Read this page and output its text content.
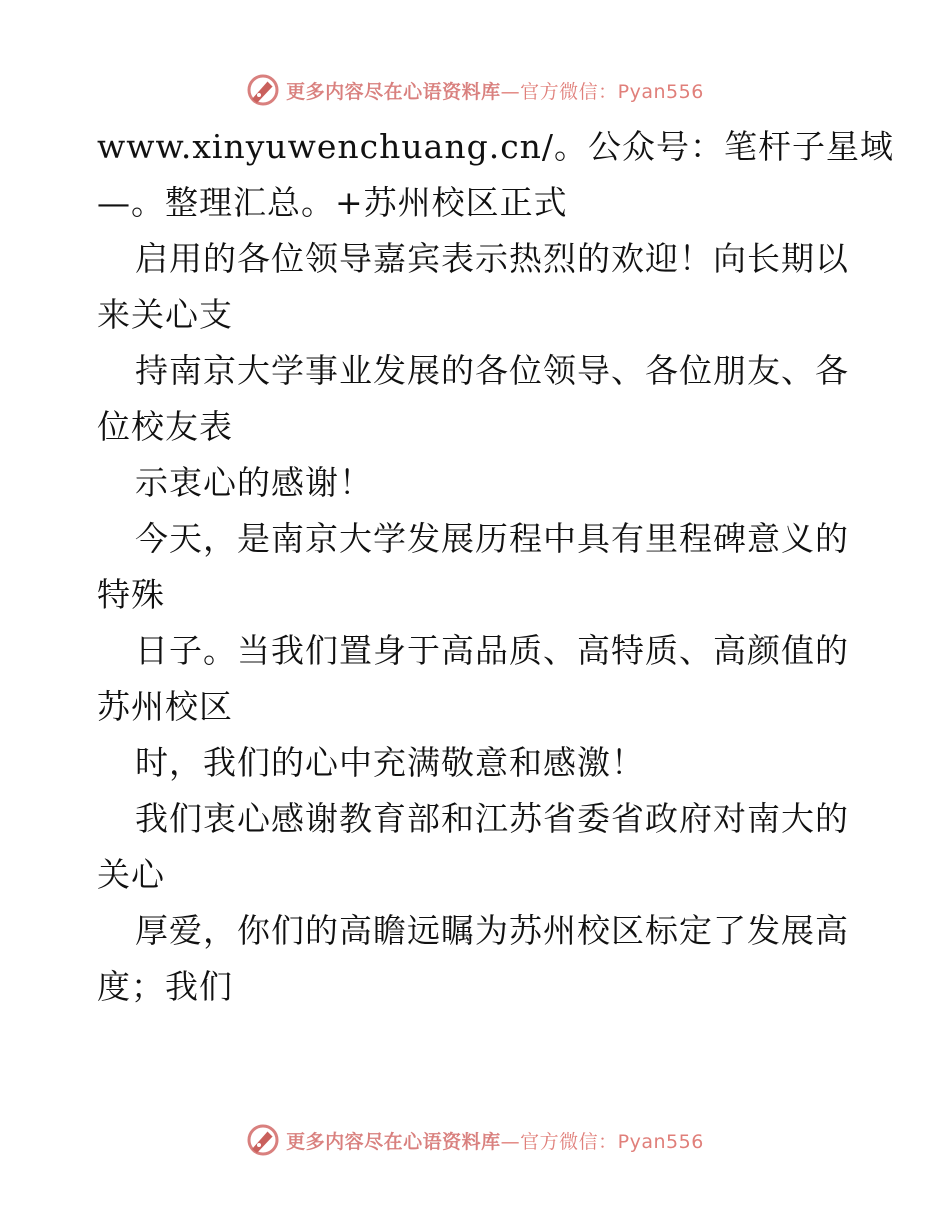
更多内容尽在心语资料库—官方微信：Pyan556
www.xinyuwenchuang.cn/。公众号：笔杆子星域
—。整理汇总。+苏州校区正式
启用的各位领导嘉宾表示热烈的欢迎！向长期以
来关心支
持南京大学事业发展的各位领导、各位朋友、各
位校友表
示衷心的感谢！
今天，是南京大学发展历程中具有里程碑意义的
特殊
日子。当我们置身于高品质、高特质、高颜值的
苏州校区
时，我们的心中充满敬意和感激！
我们衷心感谢教育部和江苏省委省政府对南大的
关心
厚爱，你们的高瞻远瞩为苏州校区标定了发展高
度；我们
更多内容尽在心语资料库—官方微信：Pyan556
